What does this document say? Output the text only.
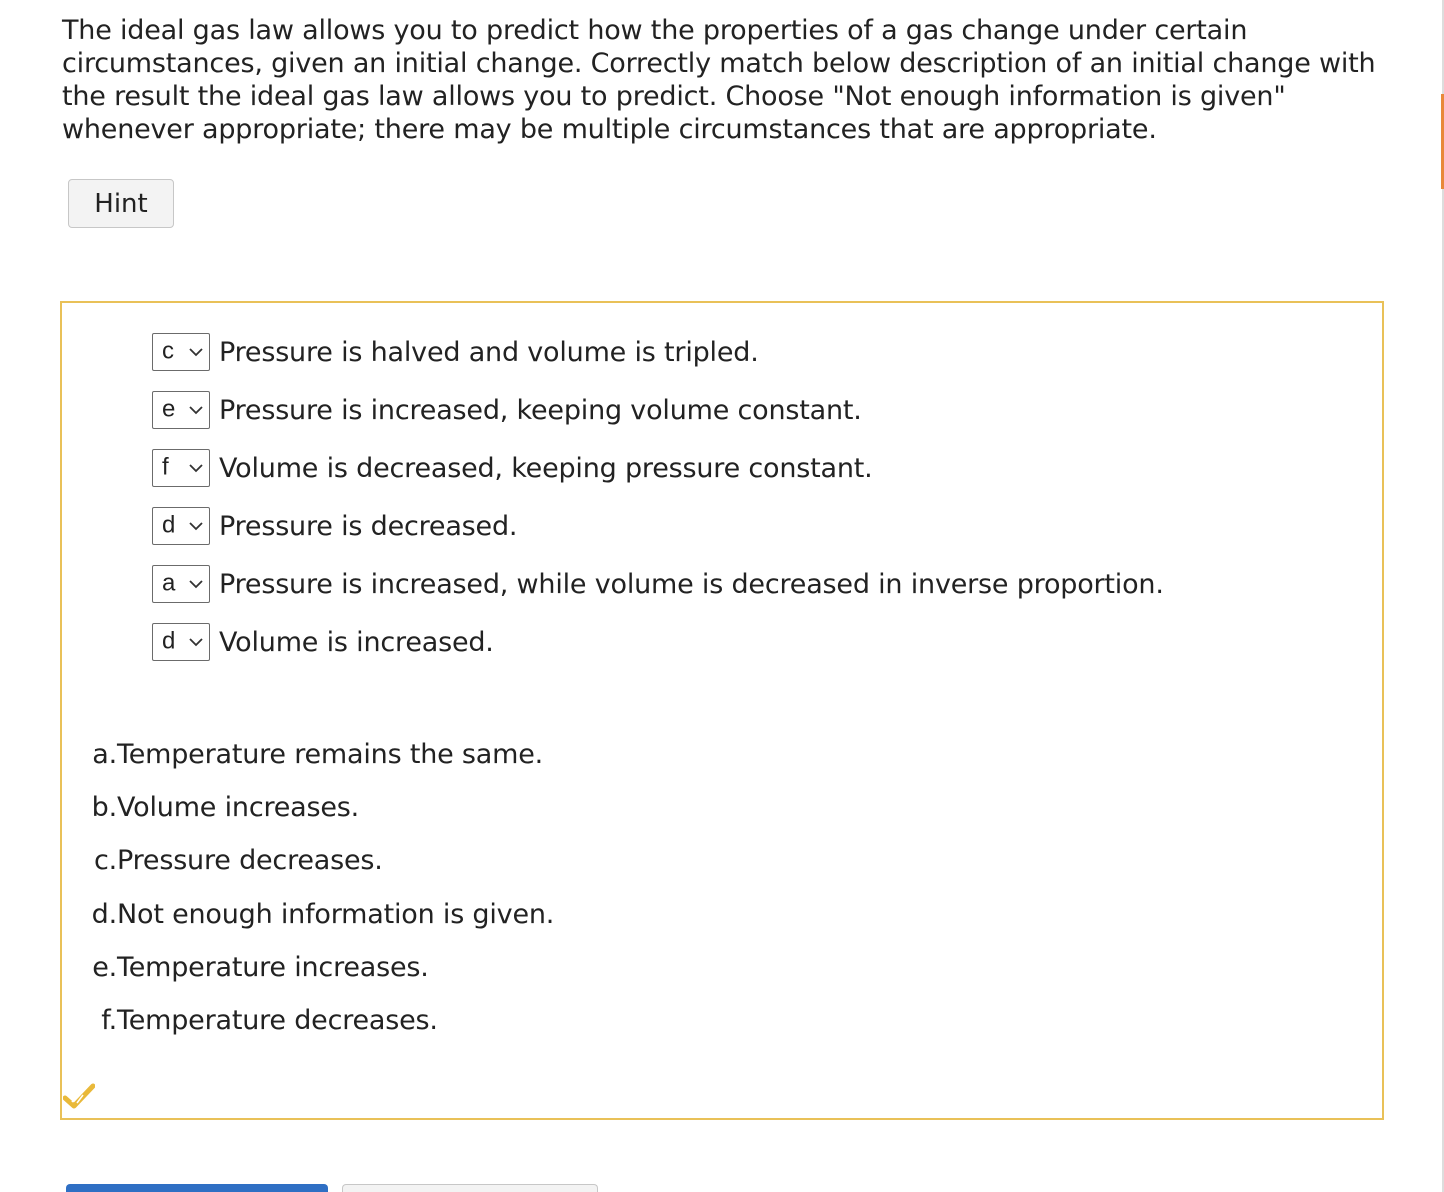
The ideal gas law allows you to predict how the properties of a gas change under certain circumstances, given an initial change. Correctly match below description of an initial change with the result the ideal gas law allows you to predict. Choose "Not enough information is given" whenever appropriate; there may be multiple circumstances that are appropriate.

Hint
c Pressure is halved and volume is tripled.
e Pressure is increased, keeping volume constant.
f Volume is decreased, keeping pressure constant.
d Pressure is decreased.
a Pressure is increased, while volume is decreased in inverse proportion.
d Volume is increased.
a. Temperature remains the same.
b. Volume increases.
c. Pressure decreases.
d. Not enough information is given.
e. Temperature increases.
f. Temperature decreases.
